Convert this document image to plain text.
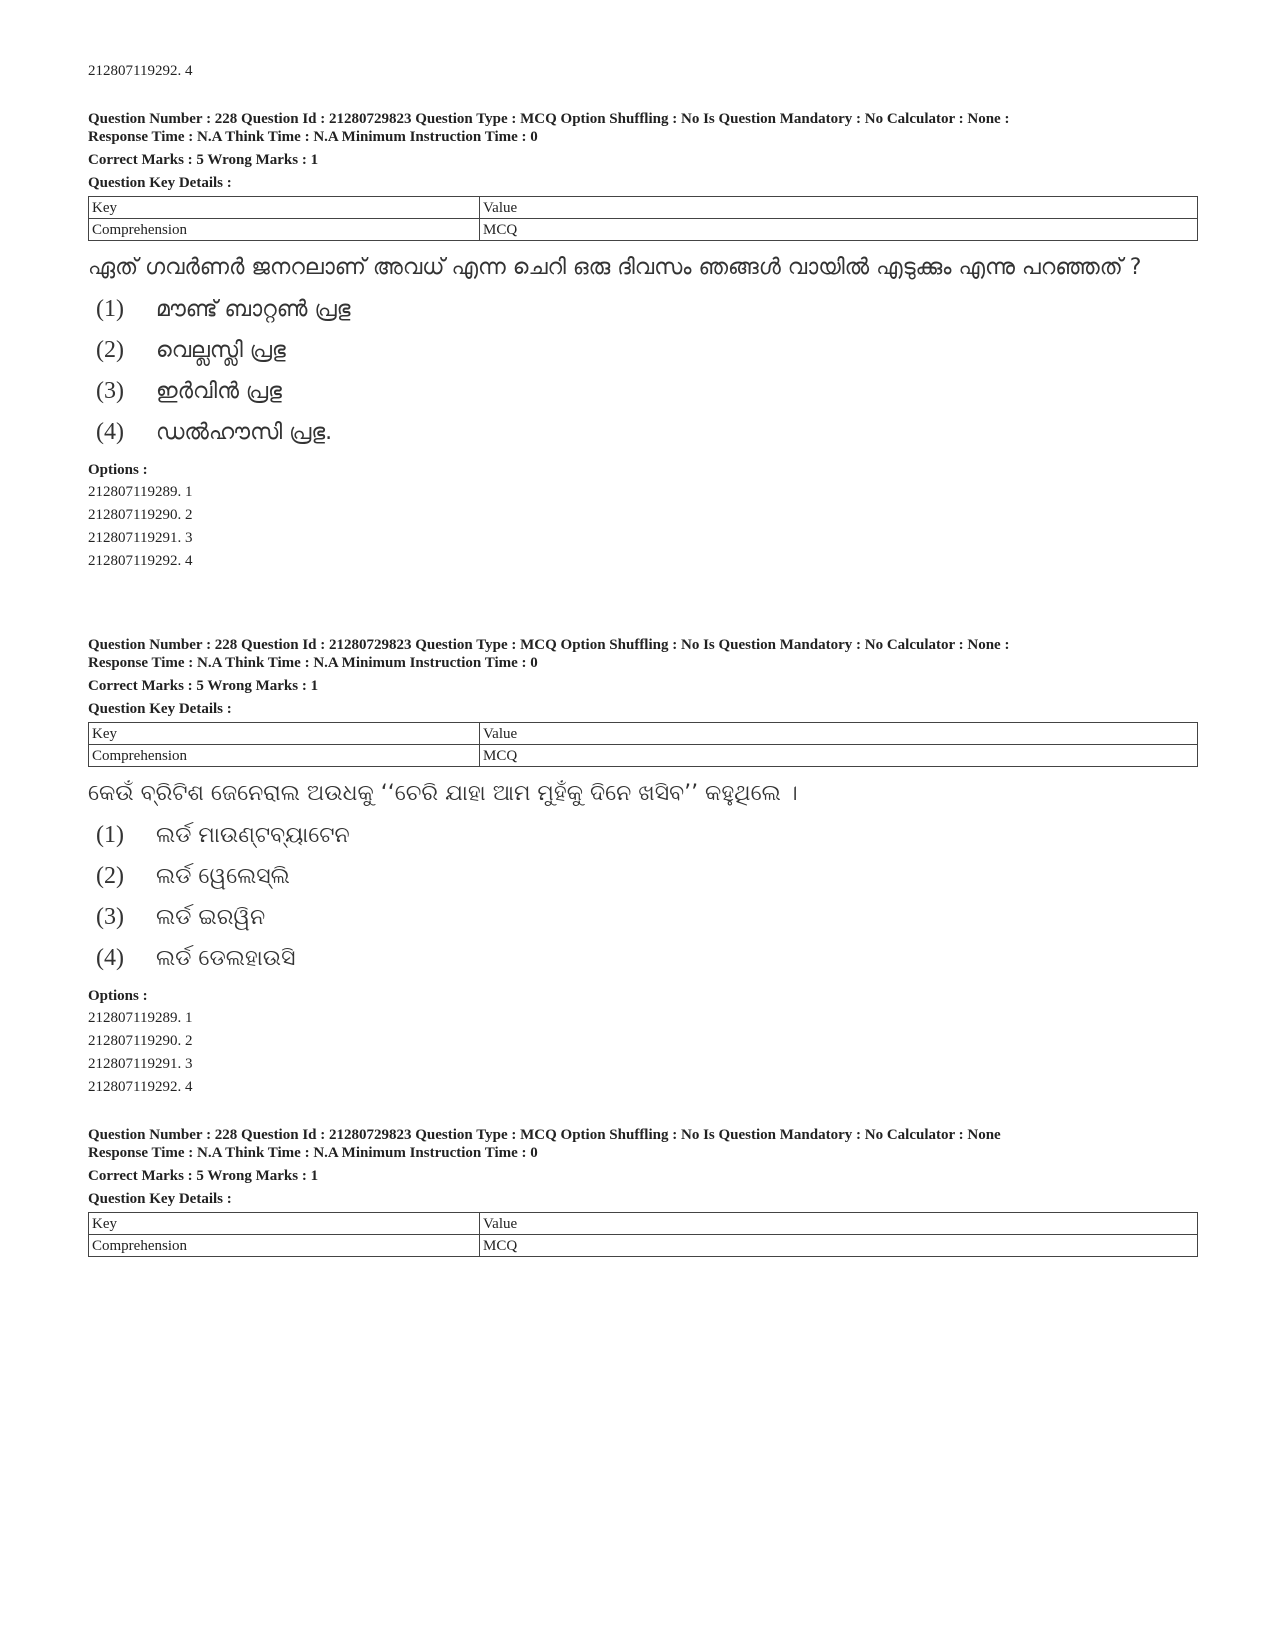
212807119292. 4
Question Number : 228 Question Id : 21280729823 Question Type : MCQ Option Shuffling : No Is Question Mandatory : No Calculator : None :
Response Time : N.A Think Time : N.A Minimum Instruction Time : 0
Correct Marks : 5 Wrong Marks : 1
Question Key Details :
Key	Value
Comprehension	MCQ
ഏത് ഗവർണർ ജനറലാണ് അവധ് എന്ന ചെറി ഒരു ദിവസം ഞങ്ങൾ വായിൽ എടുക്കും എന്നു പറഞ്ഞത് ?
(1)	മൗണ്ട് ബാറ്റൺ പ്രഭു
(2)	വെല്ലസ്ലി പ്രഭു
(3)	ഇർവിൻ പ്രഭു
(4)	ഡൽഹൗസി പ്രഭു.
Options :
212807119289. 1
212807119290. 2
212807119291. 3
212807119292. 4
Question Number : 228 Question Id : 21280729823 Question Type : MCQ Option Shuffling : No Is Question Mandatory : No Calculator : None :
Response Time : N.A Think Time : N.A Minimum Instruction Time : 0
Correct Marks : 5 Wrong Marks : 1
Question Key Details :
Key	Value
Comprehension	MCQ
କେଉଁ ବ୍ରିଟିଶ ଜେନେରାଲ ଅଉଧକୁ ‘‘ଚେରି ଯାହା ଆମ ମୁହଁକୁ ଦିନେ ଖସିବ’’ କହୁଥିଲେ ।
(1)	ଲର୍ଡ ମାଉଣ୍ଟବ୍ୟାଟେନ
(2)	ଲର୍ଡ ୱେଲେସ୍‌ଲି
(3)	ଲର୍ଡ ଇରୱିନ
(4)	ଲର୍ଡ ଡେଲହାଉସି
Options :
212807119289. 1
212807119290. 2
212807119291. 3
212807119292. 4
Question Number : 228 Question Id : 21280729823 Question Type : MCQ Option Shuffling : No Is Question Mandatory : No Calculator : None
Response Time : N.A Think Time : N.A Minimum Instruction Time : 0
Correct Marks : 5 Wrong Marks : 1
Question Key Details :
Key	Value
Comprehension	MCQ
